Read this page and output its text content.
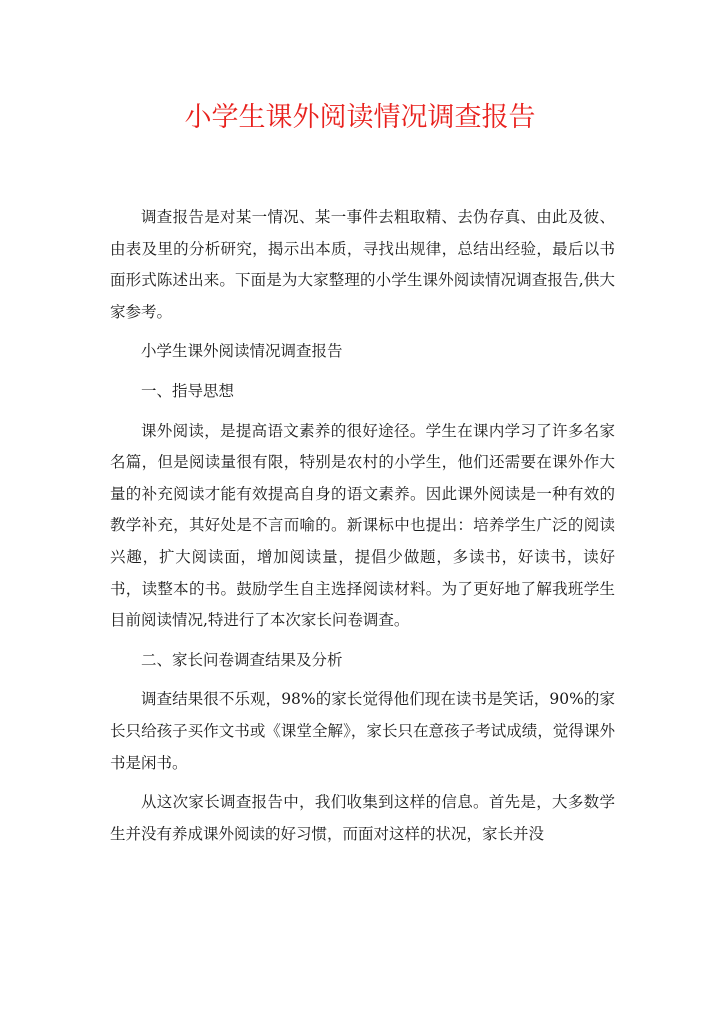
小学生课外阅读情况调查报告

调查报告是对某一情况、某一事件去粗取精、去伪存真、由此及彼、由表及里的分析研究，揭示出本质，寻找出规律，总结出经验，最后以书面形式陈述出来。下面是为大家整理的小学生课外阅读情况调查报告,供大家参考。

小学生课外阅读情况调查报告

一、指导思想

课外阅读，是提高语文素养的很好途径。学生在课内学习了许多名家名篇，但是阅读量很有限，特别是农村的小学生，他们还需要在课外作大量的补充阅读才能有效提高自身的语文素养。因此课外阅读是一种有效的教学补充，其好处是不言而喻的。新课标中也提出：培养学生广泛的阅读兴趣，扩大阅读面，增加阅读量，提倡少做题，多读书，好读书，读好书，读整本的书。鼓励学生自主选择阅读材料。为了更好地了解我班学生目前阅读情况,特进行了本次家长问卷调查。

二、家长问卷调查结果及分析

调查结果很不乐观，98%的家长觉得他们现在读书是笑话，90%的家长只给孩子买作文书或《课堂全解》，家长只在意孩子考试成绩，觉得课外书是闲书。

从这次家长调查报告中，我们收集到这样的信息。首先是，大多数学生并没有养成课外阅读的好习惯，而面对这样的状况，家长并没
